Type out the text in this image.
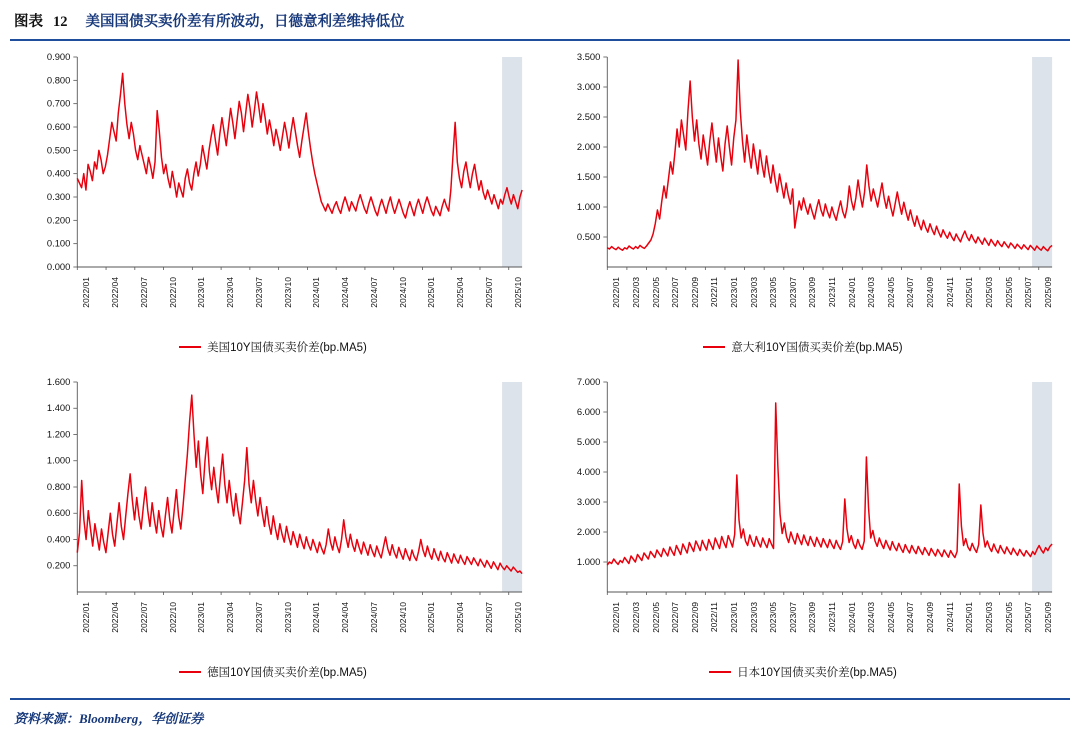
图表 12 美国国债买卖价差有所波动，日德意利差维持低位
0.000
0.100
0.200
0.300
0.400
0.500
0.600
0.700
0.800
0.900
2022/01 2022/04 2022/07 2022/10 2023/01 2023/04 2023/07 2023/10 2024/01 2024/04 2024/07 2024/10 2025/01 2025/04 2025/07 2025/10
美国10Y国债买卖价差(bp.MA5)
0.500
1.000
1.500
2.000
2.500
3.000
3.500
2022/01 2022/03 2022/05 2022/07 2022/09 2022/11 2023/01 2023/03 2023/05 2023/07 2023/09 2023/11 2024/01 2024/03 2024/05 2024/07 2024/09 2024/11 2025/01 2025/03 2025/05 2025/07 2025/09
意大利10Y国债买卖价差(bp.MA5)
0.200
0.400
0.600
0.800
1.000
1.200
1.400
1.600
2022/01 2022/04 2022/07 2022/10 2023/01 2023/04 2023/07 2023/10 2024/01 2024/04 2024/07 2024/10 2025/01 2025/04 2025/07 2025/10
德国10Y国债买卖价差(bp.MA5)
1.000
2.000
3.000
4.000
5.000
6.000
7.000
2022/01 2022/03 2022/05 2022/07 2022/09 2022/11 2023/01 2023/03 2023/05 2023/07 2023/09 2023/11 2024/01 2024/03 2024/05 2024/07 2024/09 2024/11 2025/01 2025/03 2025/05 2025/07 2025/09
日本10Y国债买卖价差(bp.MA5)
资料来源：Bloomberg，华创证券
